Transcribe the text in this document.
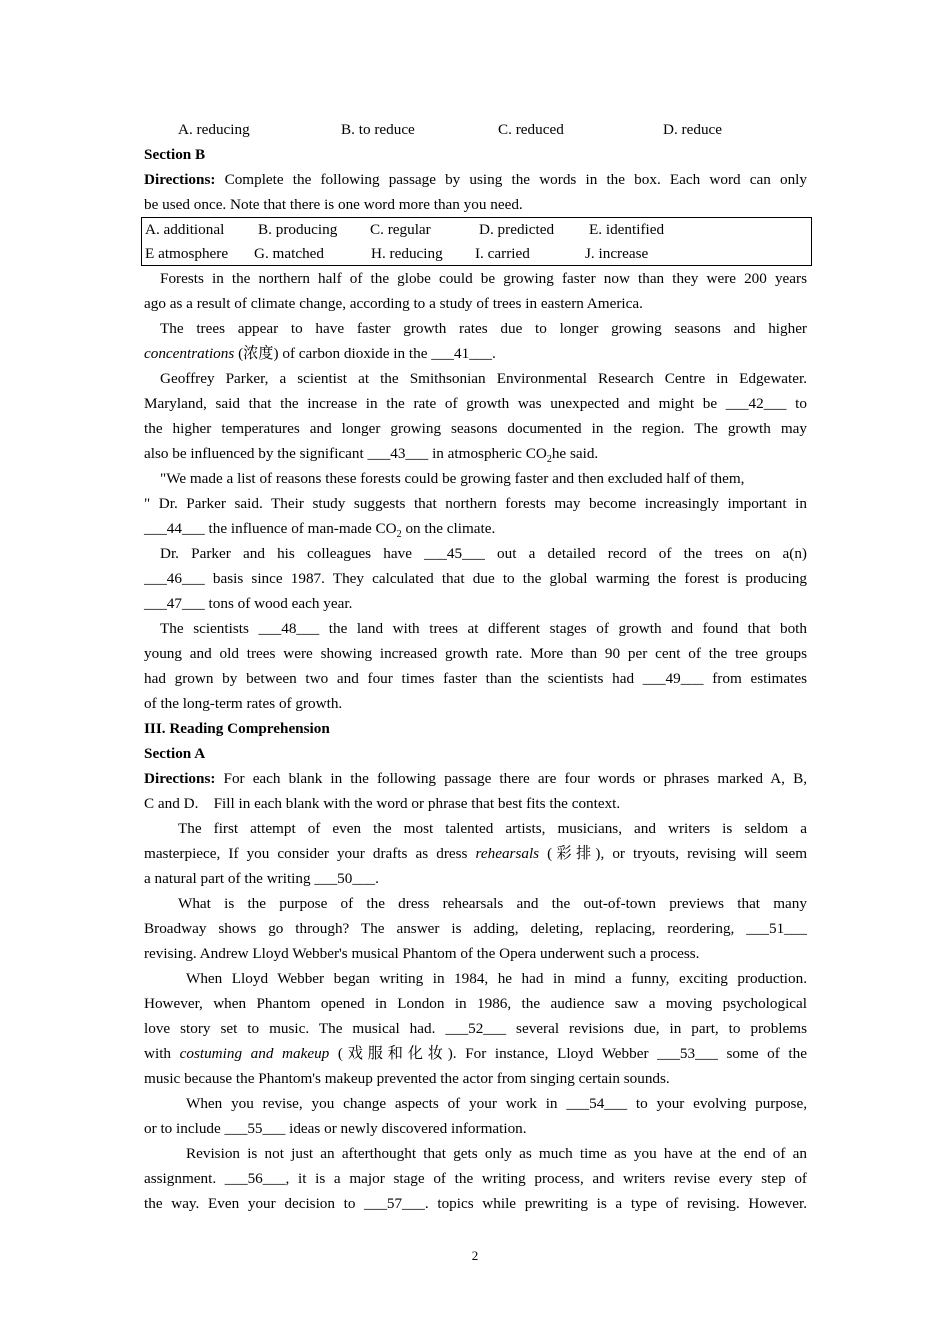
A. reducing	B. to reduce	C. reduced	D. reduce
Section B
Directions: Complete the following passage by using the words in the box. Each word can only
be used once. Note that there is one word more than you need.
A. additional B. producing C. regular	D. predicted E. identified
E atmosphere G. matched	H. reducing I. carried	J. increase
Forests in the northern half of the globe could be growing faster now than they were 200 years
ago as a result of climate change, according to a study of trees in eastern America.
The trees appear to have faster growth rates due to longer growing seasons and higher
concentrations (浓度) of carbon dioxide in the ___41___.
Geoffrey Parker, a scientist at the Smithsonian Environmental Research Centre in Edgewater.
Maryland, said that the increase in the rate of growth was unexpected and might be ___42___ to
the higher temperatures and longer growing seasons documented in the region. The growth may
also be influenced by the significant ___43___ in atmospheric $CO_2he$ said.
"We made a list of reasons these forests could be growing faster and then excluded half of them,
" Dr. Parker said. Their study suggests that northern forests may become increasingly important in
___44___ the influence of man-made $CO_2$ on the climate.
Dr. Parker and his colleagues have ___45___ out a detailed record of the trees on a(n)
___46___ basis since 1987. They calculated that due to the global warming the forest is producing
___47___ tons of wood each year.
The scientists ___48___ the land with trees at different stages of growth and found that both
young and old trees were showing increased growth rate. More than 90 per cent of the tree groups
had grown by between two and four times faster than the scientists had ___49___ from estimates
of the long-term rates of growth.
III. Reading Comprehension
Section A
Directions: For each blank in the following passage there are four words or phrases marked A, B,
C and D.    Fill in each blank with the word or phrase that best fits the context.
The first attempt of even the most talented artists, musicians, and writers is seldom a
masterpiece, If you consider your drafts as dress rehearsals (彩排), or tryouts, revising will seem
a natural part of the writing ___50___.
What is the purpose of the dress rehearsals and the out-of-town previews that many
Broadway shows go through? The answer is adding, deleting, replacing, reordering, ___51___
revising. Andrew Lloyd Webber's musical Phantom of the Opera underwent such a process.
When Lloyd Webber began writing in 1984, he had in mind a funny, exciting production.
However, when Phantom opened in London in 1986, the audience saw a moving psychological
love story set to music. The musical had. ___52___ several revisions due, in part, to problems
with costuming and makeup (戏服和化妆). For instance, Lloyd Webber ___53___ some of the
music because the Phantom's makeup prevented the actor from singing certain sounds.
When you revise, you change aspects of your work in ___54___ to your evolving purpose,
or to include ___55___ ideas or newly discovered information.
Revision is not just an afterthought that gets only as much time as you have at the end of an
assignment. ___56___, it is a major stage of the writing process, and writers revise every step of
the way. Even your decision to ___57___. topics while prewriting is a type of revising. However.
2
